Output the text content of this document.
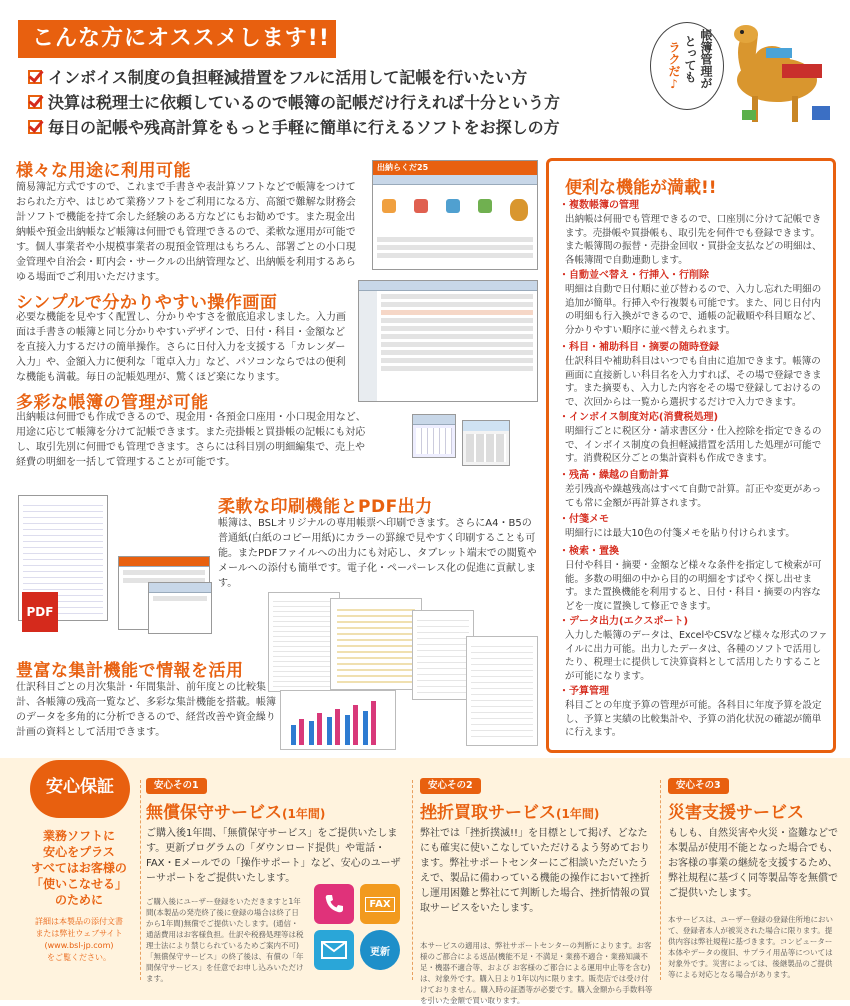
こんな方にオススメします!!
インボイス制度の負担軽減措置をフルに活用して記帳を行いたい方
決算は税理士に依頼しているので帳簿の記帳だけ行えれば十分という方
毎日の記帳や残高計算をもっと手軽に簡単に行えるソフトをお探しの方
帳簿管理が
とっても
ラクだ♪
様々な用途に利用可能
簡易簿記方式ですので、これまで手書きや表計算ソフトなどで帳簿をつけておられた方や、はじめて業務ソフトをご利用になる方、高額で難解な財務会計ソフトで機能を持て余した経験のある方などにもお勧めです。また現金出納帳や預金出納帳など帳簿は何冊でも管理できるので、柔軟な運用が可能です。個人事業者や小規模事業者の現預金管理はもちろん、部署ごとの小口現金管理や自治会・町内会・サークルの出納管理など、出納帳を利用するあらゆる場面でご利用いただけます。
出納らくだ25
シンプルで分かりやすい操作画面
必要な機能を見やすく配置し、分かりやすさを徹底追求しました。入力画面は手書きの帳簿と同じ分かりやすいデザインで、日付・科目・金額などを直接入力するだけの簡単操作。さらに日付入力を支援する「カレンダー入力」や、金額入力に便利な「電卓入力」など、パソコンならではの便利な機能も満載。毎日の記帳処理が、驚くほど楽になります。
多彩な帳簿の管理が可能
出納帳は何冊でも作成できるので、現金用・各預金口座用・小口現金用など、用途に応じて帳簿を分けて記帳できます。また売掛帳と買掛帳の記帳にも対応し、取引先別に何冊でも管理できます。さらには科目別の明細編集で、売上や経費の明細を一括して管理することが可能です。
PDF
柔軟な印刷機能とPDF出力
帳簿は、BSLオリジナルの専用帳票へ印刷できます。さらにA4・B5の普通紙(白紙のコピー用紙)にカラーの罫線で見やすく印刷することも可能。またPDFファイルへの出力にも対応し、タブレット端末での閲覧やメールへの添付も簡単です。電子化・ペーパーレス化の促進に貢献します。
豊富な集計機能で情報を活用
仕訳科目ごとの月次集計・年間集計、前年度との比較集計、各帳簿の残高一覧など、多彩な集計機能を搭載。帳簿のデータを多角的に分析できるので、経営改善や資金繰り計画の資料として活用できます。
便利な機能が満載!!
・複数帳簿の管理
出納帳は何冊でも管理できるので、口座別に分けて記帳できます。売掛帳や買掛帳も、取引先を何件でも登録できます。また帳簿間の振替・売掛金回収・買掛金支払などの明細は、各帳簿間で自動連動します。
・自動並べ替え・行挿入・行削除
明細は自動で日付順に並び替わるので、入力し忘れた明細の追加が簡単。行挿入や行複製も可能です。また、同じ日付内の明細も行入換ができるので、通帳の記載順や科目順など、分かりやすい順序に並べ替えられます。
・科目・補助科目・摘要の随時登録
仕訳科目や補助科目はいつでも自由に追加できます。帳簿の画面に直接新しい科目名を入力すれば、その場で登録できます。また摘要も、入力した内容をその場で登録しておけるので、次回からは一覧から選択するだけで入力できます。
・インボイス制度対応(消費税処理)
明細行ごとに税区分・請求書区分・仕入控除を指定できるので、インボイス制度の負担軽減措置を活用した処理が可能です。消費税区分ごとの集計資料も作成できます。
・残高・繰越の自動計算
差引残高や繰越残高はすべて自動で計算。訂正や変更があっても常に金額が再計算されます。
・付箋メモ
明細行には最大10色の付箋メモを貼り付けられます。
・検索・置換
日付や科目・摘要・金額など様々な条件を指定して検索が可能。多数の明細の中から目的の明細をすばやく探し出せます。また置換機能を利用すると、日付・科目・摘要の内容などを一度に置換して修正できます。
・データ出力(エクスポート)
入力した帳簿のデータは、ExcelやCSVなど様々な形式のファイルに出力可能。出力したデータは、各種のソフトで活用したり、税理士に提供して決算資料として活用したりすることが可能になります。
・予算管理
科目ごとの年度予算の管理が可能。各科目に年度予算を設定し、予算と実績の比較集計や、予算の消化状況の確認が簡単に行えます。
安心保証
業務ソフトに
安心をプラス
すべてはお客様の
「使いこなせる」
のために
詳細は本製品の添付文書
または弊社ウェブサイト
(www.bsl-jp.com)
をご覧ください。
安心その1
無償保守サービス(1年間)
ご購入後1年間、「無償保守サービス」をご提供いたします。更新プログラムの「ダウンロード提供」や電話・FAX・Eメールでの「操作サポート」など、安心のユーザーサポートをご提供いたします。
ご購入後にユーザー登録をいただきますと1年間(本製品の発売終了後に登録の場合は終了日から1年間)無償でご提供いたします。(通信・通話費用はお客様負担。仕訳や税務処理等は税理士法により禁じられているためご案内不可)「無償保守サービス」の終了後は、有償の「年間保守サービス」を任意でお申し込みいただけます。
FAX
更新
安心その2
挫折買取サービス(1年間)
弊社では「挫折撲滅!!」を目標として掲げ、どなたにも確実に使いこなしていただけるよう努めております。弊社サポートセンターにご相談いただいたうえで、製品に備わっている機能の操作において挫折し運用困難と弊社にて判断した場合、挫折情報の買取サービスをいたします。
本サービスの適用は、弊社サポートセンターの判断によります。お客様のご都合による返品(機能不足・不満足・業務不適合・業務知識不足・機器不適合等、および お客様のご都合による運用中止等を含む)は、対象外です。購入日より1年以内に限ります。販売店では受け付けておりません。購入時の証憑等が必要です。購入金額から手数料等を引いた金額で買い取ります。
安心その3
災害支援サービス
もしも、自然災害や火災・盗難などで本製品が使用不能となった場合でも、お客様の事業の継続を支援するため、弊社規程に基づく同等製品等を無償でご提供いたします。
本サービスは、ユーザー登録の登録住所地において、登録者本人が被災された場合に限ります。提供内容は弊社規程に基づきます。コンピューター本体やデータの復旧、サプライ用品等については対象外です。災害によっては、後継製品のご提供等による対応となる場合があります。
